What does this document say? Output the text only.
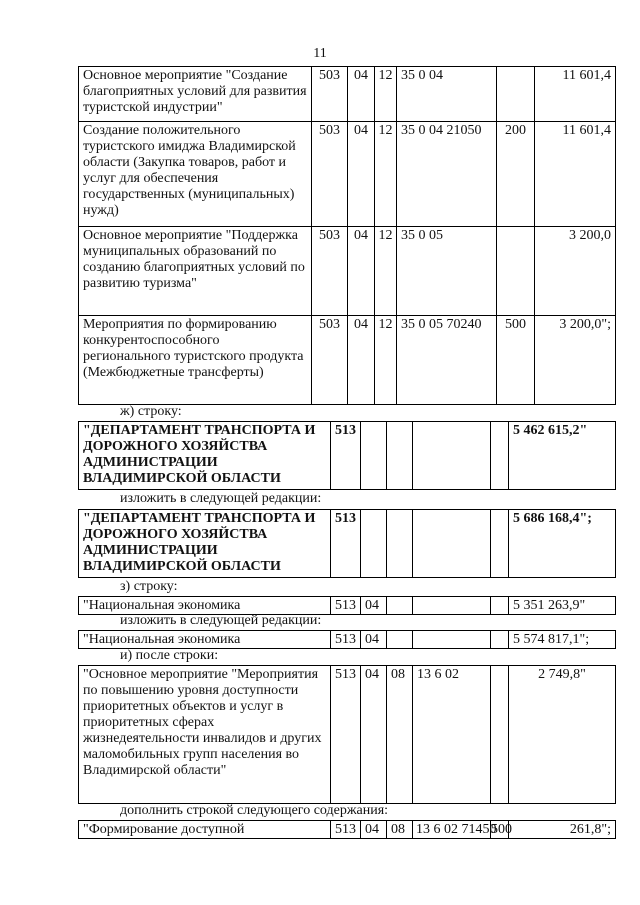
11
Основное мероприятие "Создание благоприятных условий для развития туристской индустрии"	503	04	12	35 0 04		11 601,4
Создание положительного туристского имиджа Владимирской области (Закупка товаров, работ и услуг для обеспечения государственных (муниципальных) нужд)	503	04	12	35 0 04 21050	200	11 601,4
Основное мероприятие "Поддержка муниципальных образований по созданию благоприятных условий по развитию туризма"	503	04	12	35 0 05		3 200,0
Мероприятия по формированию конкурентоспособного регионального туристского продукта (Межбюджетные трансферты)	503	04	12	35 0 05 70240	500	3 200,0";
ж) строку:
"ДЕПАРТАМЕНТ ТРАНСПОРТА И ДОРОЖНОГО ХОЗЯЙСТВА АДМИНИСТРАЦИИ ВЛАДИМИРСКОЙ ОБЛАСТИ	513					5 462 615,2"
изложить в следующей редакции:
"ДЕПАРТАМЕНТ ТРАНСПОРТА И ДОРОЖНОГО ХОЗЯЙСТВА АДМИНИСТРАЦИИ ВЛАДИМИРСКОЙ ОБЛАСТИ	513					5 686 168,4";
з) строку:
"Национальная экономика	513	04				5 351 263,9"
изложить в следующей редакции:
"Национальная экономика	513	04				5 574 817,1";
и) после строки:
"Основное мероприятие "Мероприятия по повышению уровня доступности приоритетных объектов и услуг в приоритетных сферах жизнедеятельности инвалидов и других маломобильных групп населения во Владимирской области"	513	04	08	13 6 02		2 749,8"
дополнить строкой следующего содержания:
"Формирование доступной	513	04	08	13 6 02 71450	500	261,8";
